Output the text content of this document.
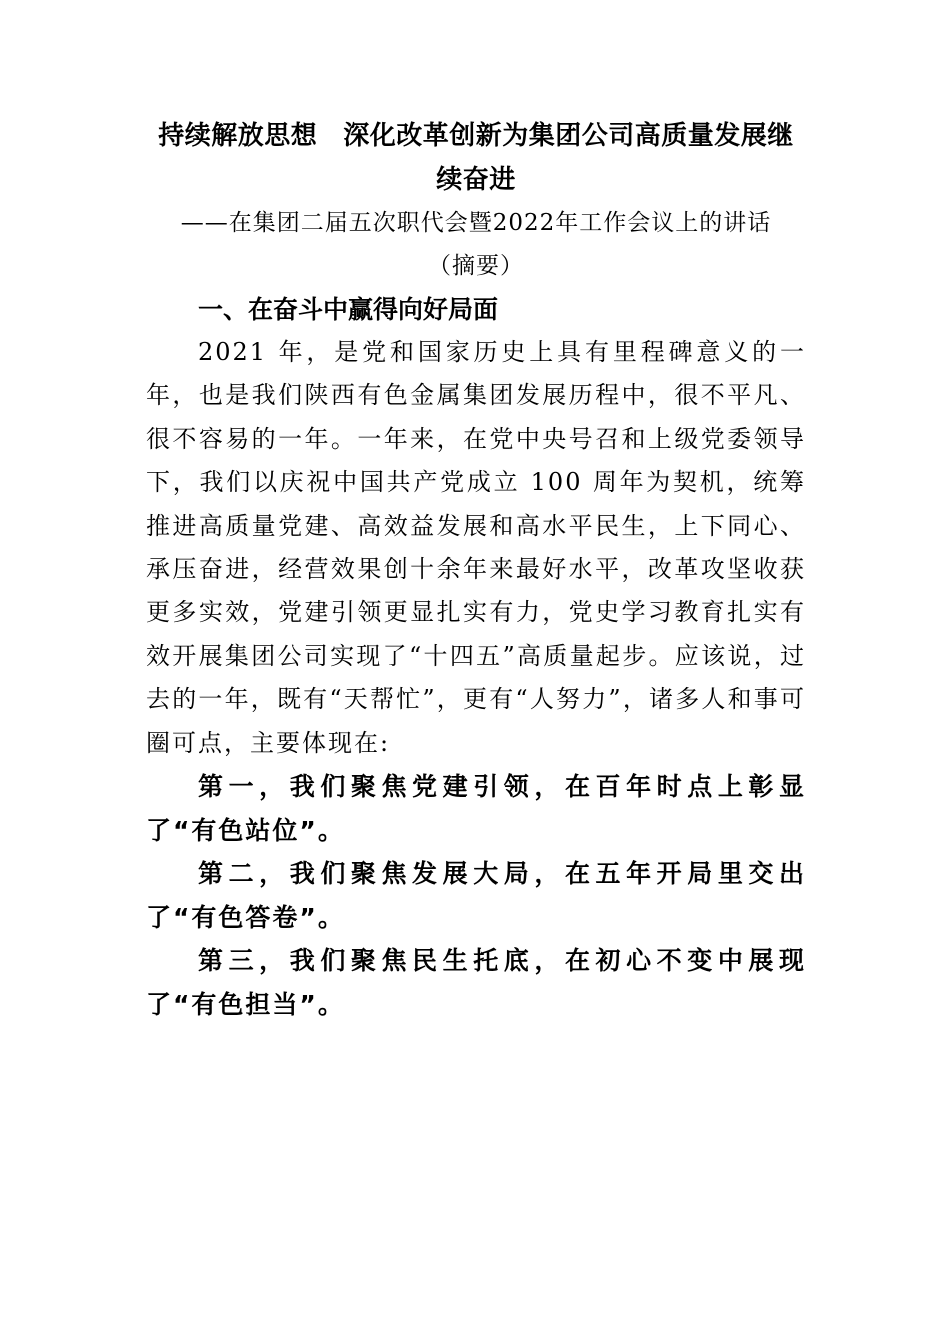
持续解放思想 深化改革创新为集团公司高质量发展继续奋进

——在集团二届五次职代会暨2022年工作会议上的讲话

（摘要）

一、在奋斗中赢得向好局面

2021 年，是党和国家历史上具有里程碑意义的一年，也是我们陕西有色金属集团发展历程中，很不平凡、很不容易的一年。一年来，在党中央号召和上级党委领导下，我们以庆祝中国共产党成立 100 周年为契机，统筹推进高质量党建、高效益发展和高水平民生，上下同心、承压奋进，经营效果创十余年来最好水平，改革攻坚收获更多实效，党建引领更显扎实有力，党史学习教育扎实有效开展集团公司实现了“十四五”高质量起步。应该说，过去的一年，既有“天帮忙”，更有“人努力”，诸多人和事可圈可点，主要体现在:

第一，我们聚焦党建引领，在百年时点上彰显了“有色站位”。

第二，我们聚焦发展大局，在五年开局里交出了“有色答卷”。

第三，我们聚焦民生托底，在初心不变中展现了“有色担当”。
